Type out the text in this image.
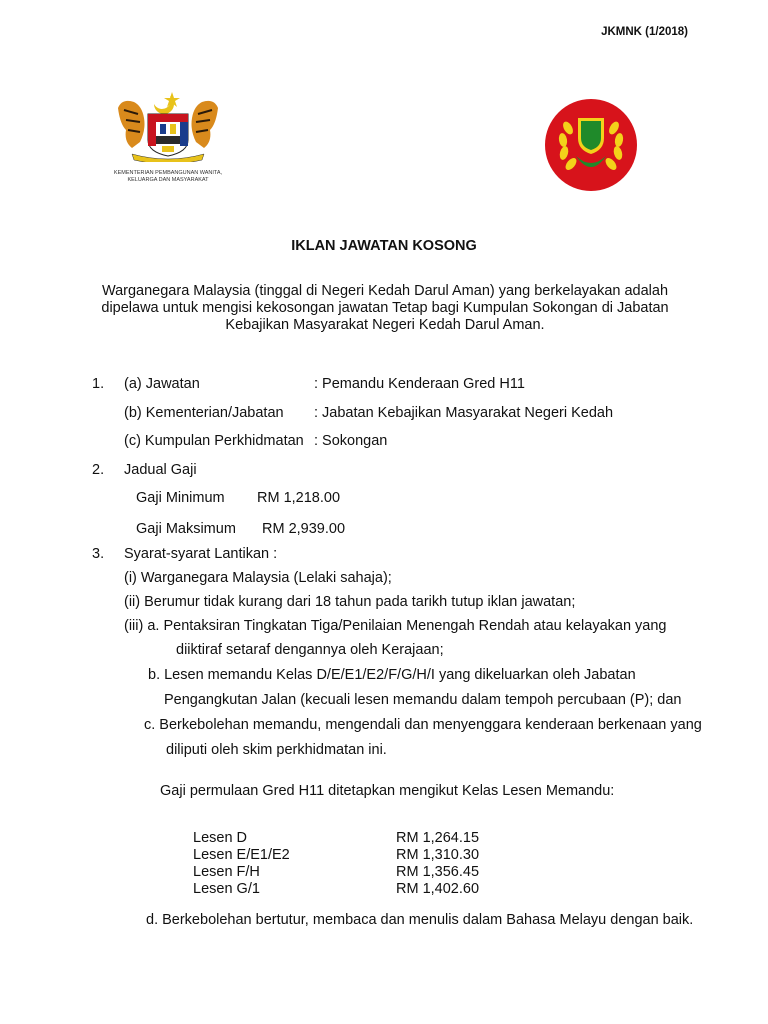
JKMNK (1/2018)
KEMENTERIAN PEMBANGUNAN WANITA,
KELUARGA DAN MASYARAKAT
IKLAN JAWATAN KOSONG
Warganegara Malaysia (tinggal di Negeri Kedah Darul Aman) yang berkelayakan adalah
dipelawa untuk mengisi kekosongan jawatan Tetap bagi Kumpulan Sokongan di Jabatan
Kebajikan Masyarakat Negeri Kedah Darul Aman.
1. (a) Jawatan	: Pemandu Kenderaan Gred H11
(b) Kementerian/Jabatan : Jabatan Kebajikan Masyarakat Negeri Kedah
(c) Kumpulan Perkhidmatan : Sokongan
2. Jadual Gaji
Gaji Minimum RM 1,218.00
Gaji Maksimum RM 2,939.00
3. Syarat-syarat Lantikan :
(i) Warganegara Malaysia (Lelaki sahaja);
(ii) Berumur tidak kurang dari 18 tahun pada tarikh tutup iklan jawatan;
(iii) a. Pentaksiran Tingkatan Tiga/Penilaian Menengah Rendah atau kelayakan yang
diiktiraf setaraf dengannya oleh Kerajaan;
b. Lesen memandu Kelas D/E/E1/E2/F/G/H/I yang dikeluarkan oleh Jabatan
Pengangkutan Jalan (kecuali lesen memandu dalam tempoh percubaan (P); dan
c. Berkebolehan memandu, mengendali dan menyenggara kenderaan berkenaan yang
diliputi oleh skim perkhidmatan ini.
Gaji permulaan Gred H11 ditetapkan mengikut Kelas Lesen Memandu:
Lesen D	RM 1,264.15
Lesen E/E1/E2	RM 1,310.30
Lesen F/H	RM 1,356.45
Lesen G/1	RM 1,402.60
d. Berkebolehan bertutur, membaca dan menulis dalam Bahasa Melayu dengan baik.
